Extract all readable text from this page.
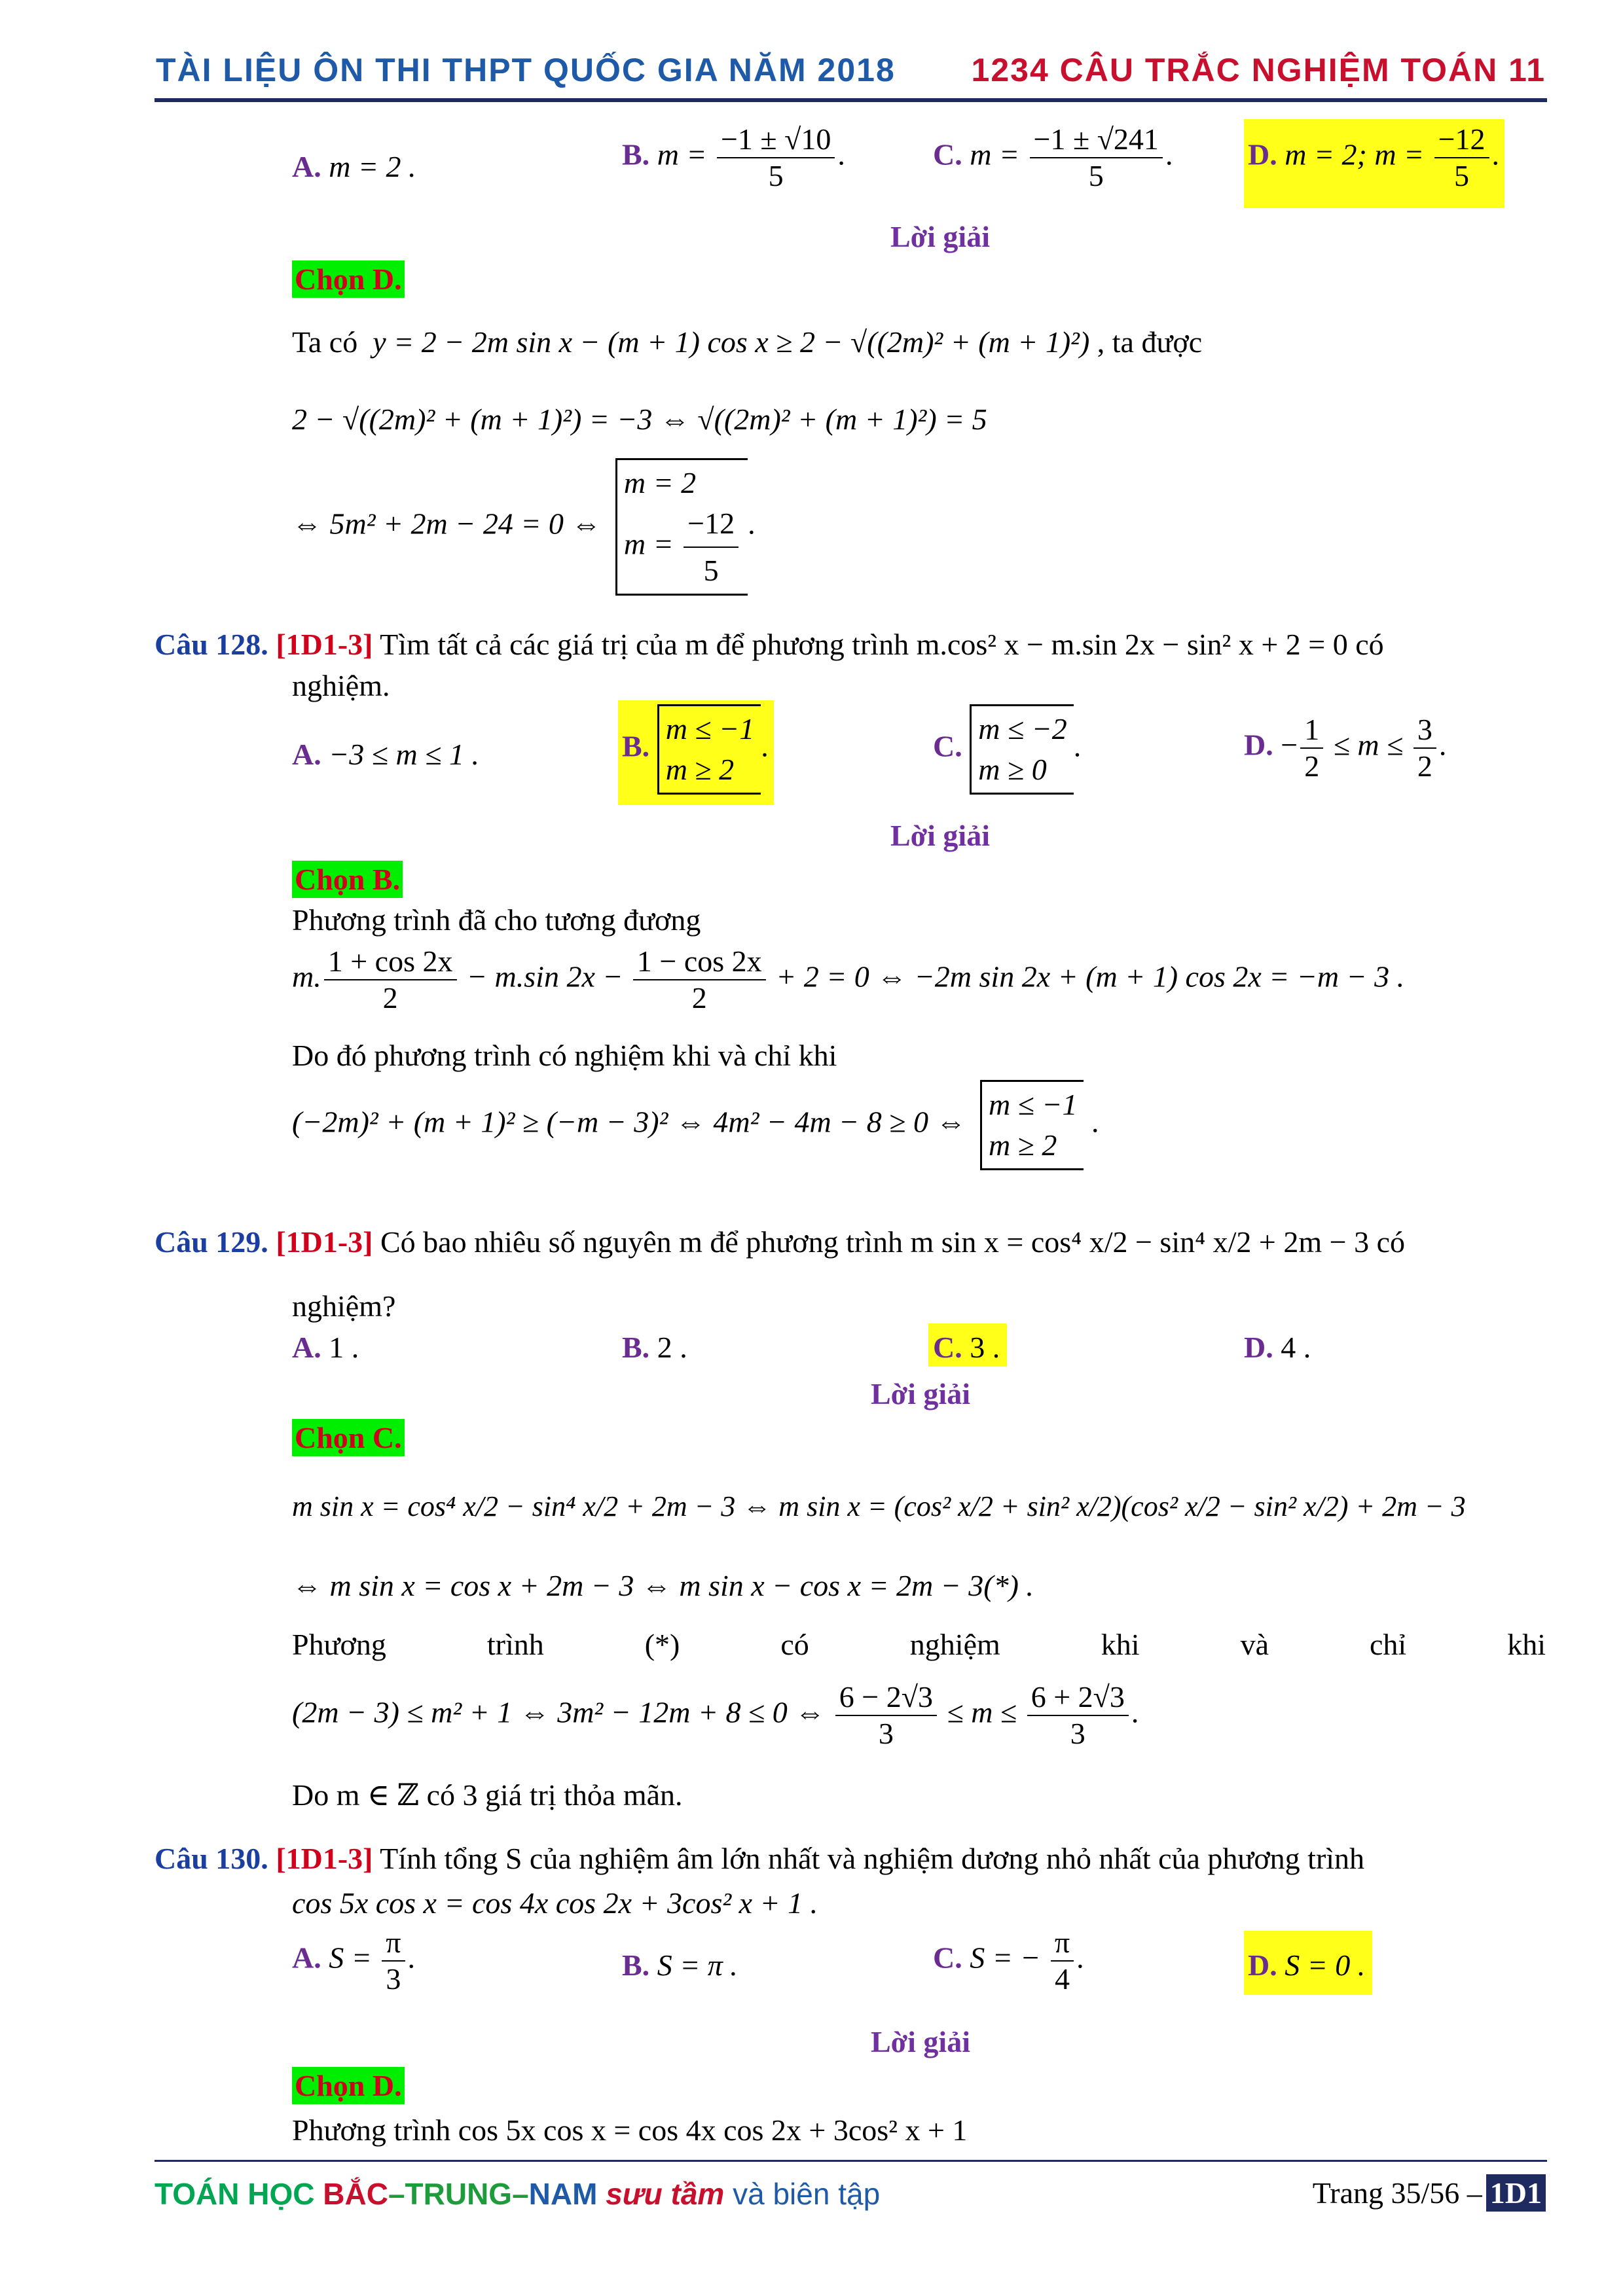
TÀI LIỆU ÔN THI THPT QUỐC GIA NĂM 2018 1234 CÂU TRẮC NGHIỆM TOÁN 11
A. m = 2 .	B. $m = \frac{-1 \pm √10}{5}$ .	C. $m = \frac{-1 \pm √241}{5}$ . D. m = 2; $m = \frac{-12}{5}$ .
Lời giải
Chọn D.
Ta có y = 2 − 2m sin x − (m + 1) cos x ≥ 2 − √((2m)² + (m + 1)²) , ta được
2 − √((2m)² + (m + 1)²) = −3 ⇔ √((2m)² + (m + 1)²) = 5
⇔ 5m² + 2m − 24 = 0 ⇔ m = 2
$m = \frac{-12}{5}$ .
Câu 128. [1D1-3] Tìm tất cả các giá trị của m để phương trình m.cos² x − m.sin 2x − sin² x + 2 = 0 có
nghiệm.
A. −3 ≤ m ≤ 1 .	B. m ≤ −1
m ≥ 2.	C. m ≤ −2
m ≥ 0.	D. − $\frac{1}{2} \le m \le \frac{3}{2}$ .
Lời giải
Chọn B.
Phương trình đã cho tương đương
m. $\frac{1 + \cos 2x}{2} - m.\sin$ $2x - \frac{1 - \cos 2x}{2} + 2 = 0$ ⇔ −2m sin 2x + (m + 1) cos 2x = −m − 3 .
Do đó phương trình có nghiệm khi và chỉ khi
(−2m)² + (m + 1)² ≥ (−m − 3)² ⇔ 4m² − 4m − 8 ≥ 0 ⇔ m ≤ −1
m ≥ 2 .
Câu 129. [1D1-3] Có bao nhiêu số nguyên m để phương trình m sin x = cos⁴ x/2 − sin⁴ x/2 + 2m − 3 có
nghiệm?
A. 1 .	B. 2 .	C. 3 .	D. 4 .
Lời giải
Chọn C.
m sin x = cos⁴ x/2 − sin⁴ x/2 + 2m − 3 ⇔ m sin x = (cos² x/2 + sin² x/2)(cos² x/2 − sin² x/2) + 2m − 3
⇔ m sin x = cos x + 2m − 3 ⇔ m sin x − cos x = 2m − 3(*) .
Phương	trình	(*)	có	nghiệm	khi	và	chỉ	khi
(2m − 3) ≤ m² + 1 ⇔ 3m² − 12m + 8 ≤ 0 ⇔ $\frac{6 - 2√3}{3} \le m \le \frac{6 + 2√3}{3}$ .
Do m ∈ ℤ có 3 giá trị thỏa mãn.
Câu 130. [1D1-3] Tính tổng S của nghiệm âm lớn nhất và nghiệm dương nhỏ nhất của phương trình
cos 5x cos x = cos 4x cos 2x + 3cos² x + 1 .
A. $S = \frac{\pi}{3}$ .	B. S = π .	C. S = − $\frac{\pi}{4}$ .	D. S = 0 .
Lời giải
Chọn D.
Phương trình cos 5x cos x = cos 4x cos 2x + 3cos² x + 1
TOÁN HỌC BẮC–TRUNG–NAM sưu tầm và biên tập	Trang 35/56 – 1D1
